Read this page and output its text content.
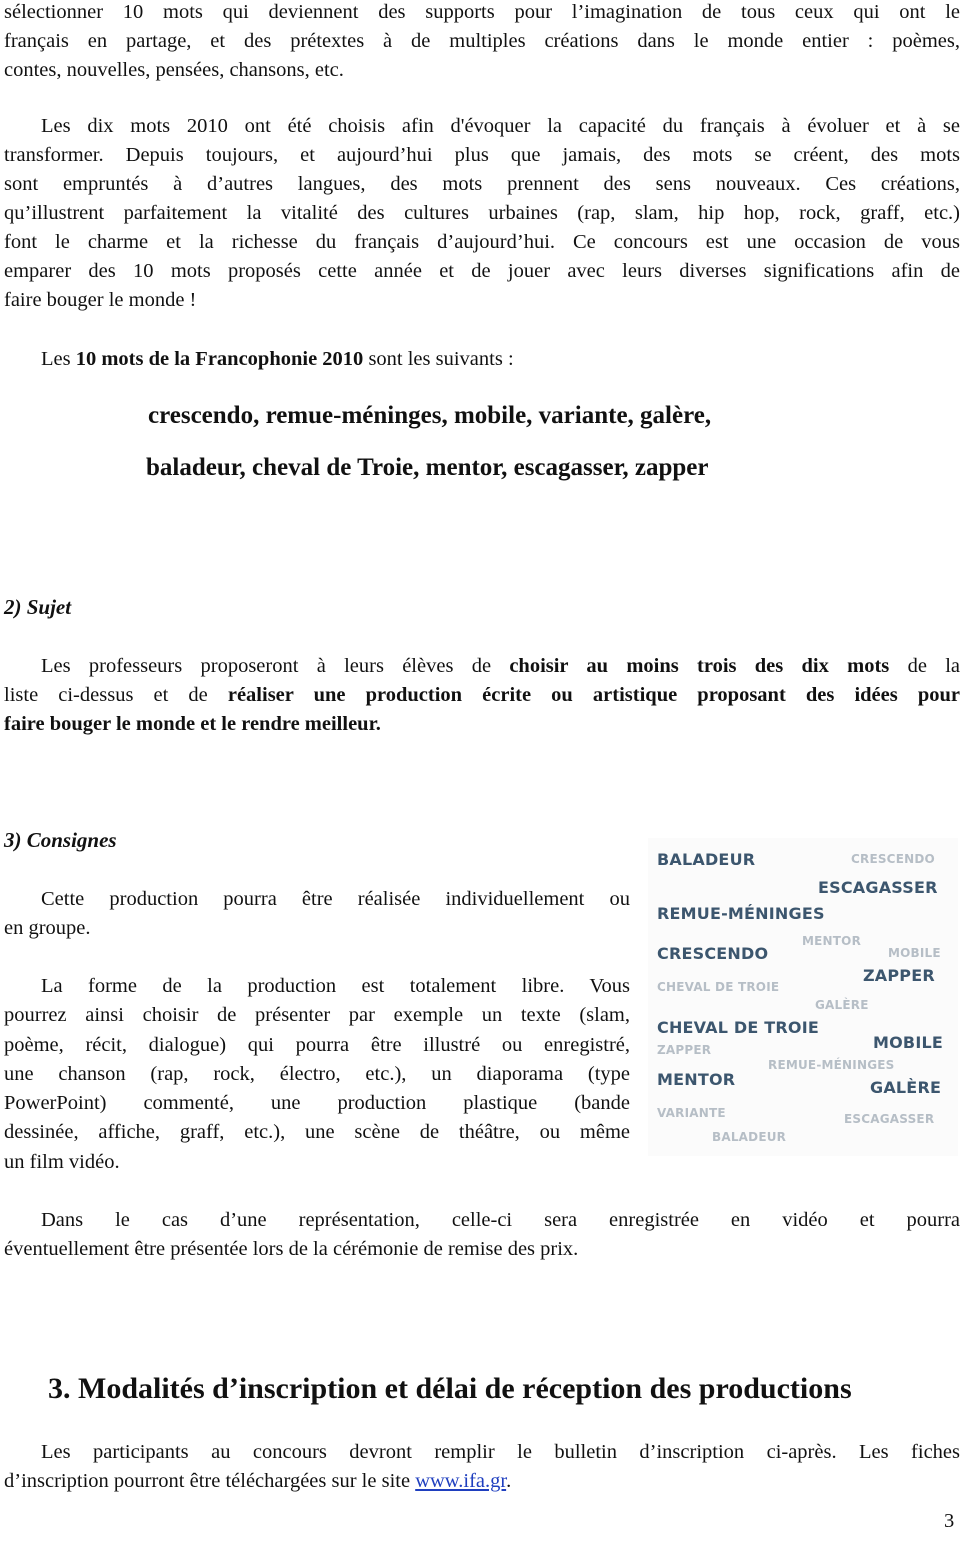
sélectionner 10 mots qui deviennent des supports pour l’imagination de tous ceux qui ont le
français en partage, et des prétextes à de multiples créations dans le monde entier : poèmes,
contes, nouvelles, pensées, chansons, etc.
Les dix mots 2010 ont été choisis afin d'évoquer la capacité du français à évoluer et à se
transformer. Depuis toujours, et aujourd’hui plus que jamais, des mots se créent, des mots
sont empruntés à d’autres langues, des mots prennent des sens nouveaux. Ces créations,
qu’illustrent parfaitement la vitalité des cultures urbaines (rap, slam, hip hop, rock, graff, etc.)
font le charme et la richesse du français d’aujourd’hui. Ce concours est une occasion de vous
emparer des 10 mots proposés cette année et de jouer avec leurs diverses significations afin de
faire bouger le monde !
Les 10 mots de la Francophonie 2010 sont les suivants :
crescendo, remue-méninges, mobile, variante, galère,
baladeur, cheval de Troie, mentor, escagasser, zapper
2) Sujet
Les professeurs proposeront à leurs élèves de choisir au moins trois des dix mots de la
liste ci-dessus et de réaliser une production écrite ou artistique proposant des idées pour
faire bouger le monde et le rendre meilleur.
3) Consignes
Cette production pourra être réalisée individuellement ou
en groupe.
La forme de la production est totalement libre. Vous
pourrez ainsi choisir de présenter par exemple un texte (slam,
poème, récit, dialogue) qui pourra être illustré ou enregistré,
une chanson (rap, rock, électro, etc.), un diaporama (type
PowerPoint) commenté, une production plastique (bande
dessinée, affiche, graff, etc.), une scène de théâtre, ou même
un film vidéo.
BALADEUR	CRESCENDO
ESCAGASSER
REMUE-MÉNINGES
MENTOR
MOBILE
CRESCENDO
ZAPPER
CHEVAL DE TROIE
GALÈRE
CHEVAL DE TROIE
MOBILE
ZAPPER
REMUE-MÉNINGES
MENTOR	GALÈRE
VARIANTE	ESCAGASSER
BALADEUR
Dans le cas d’une représentation, celle-ci sera enregistrée en vidéo et pourra
éventuellement être présentée lors de la cérémonie de remise des prix.
3. Modalités d’inscription et délai de réception des productions
Les participants au concours devront remplir le bulletin d’inscription ci-après. Les fiches
d’inscription pourront être téléchargées sur le site www.ifa.gr.
3
